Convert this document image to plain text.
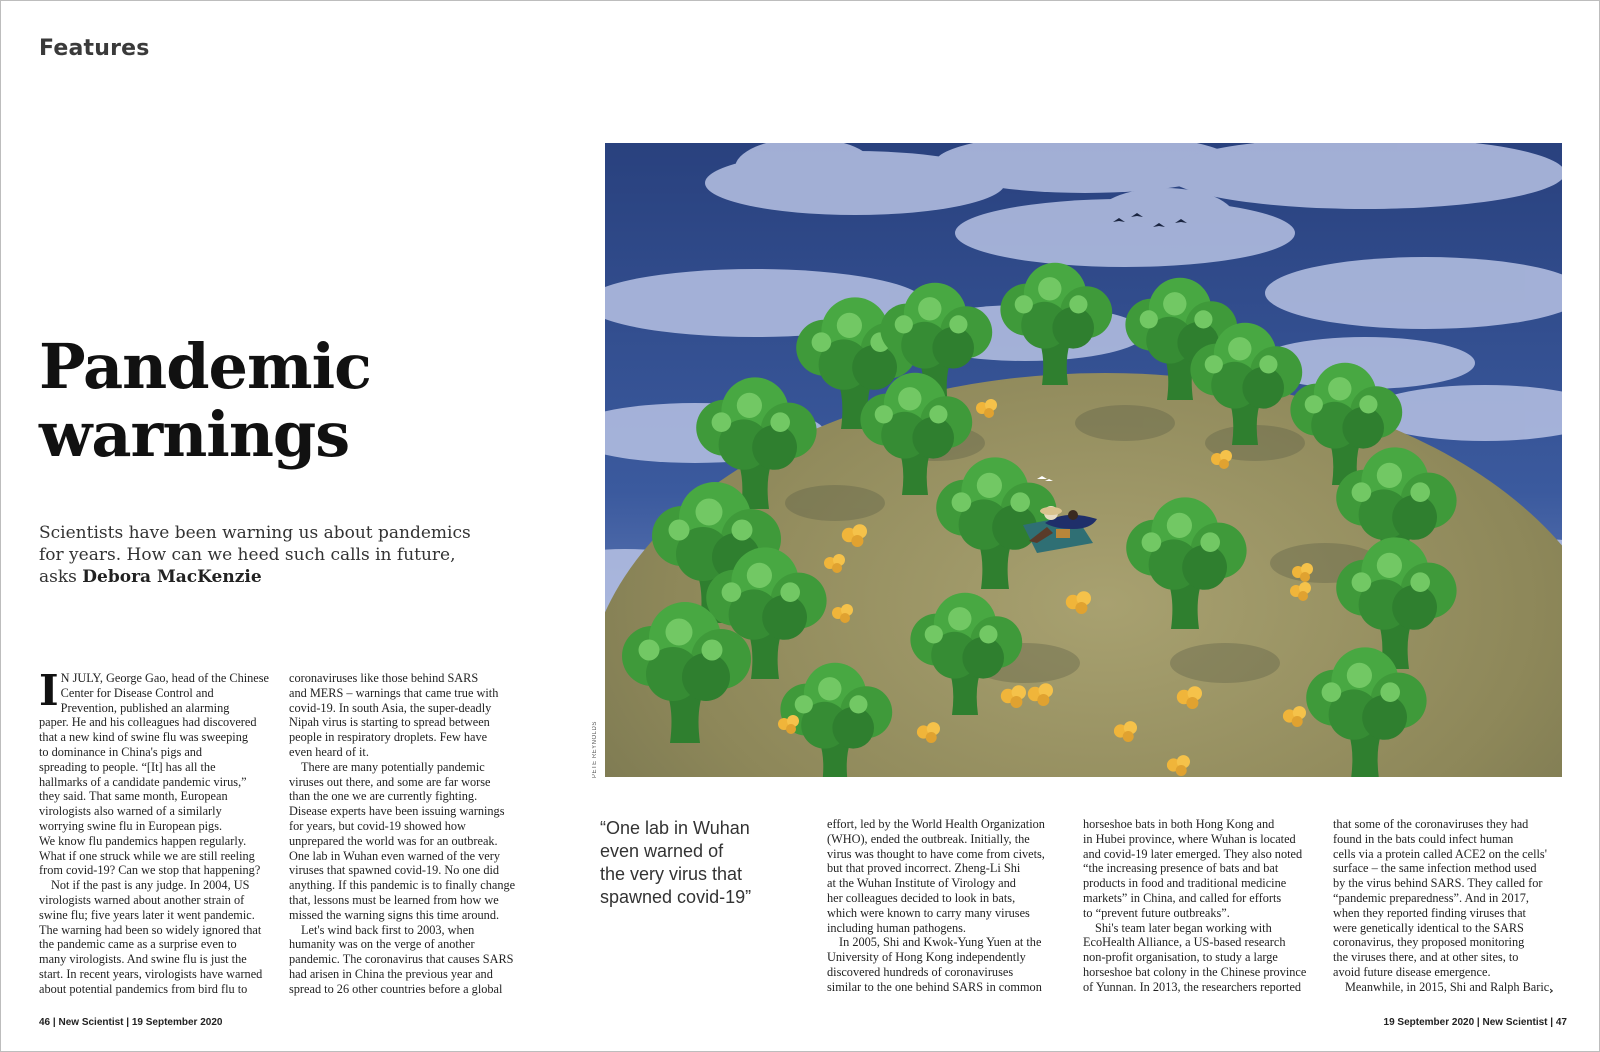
Features
Pandemic
warnings

Scientists have been warning us about pandemics
for years. How can we heed such calls in future,
asks Debora MacKenzie

I N JULY, George Gao, head of the Chinese
Center for Disease Control and
Prevention, published an alarming
paper. He and his colleagues had discovered
that a new kind of swine flu was sweeping
to dominance in China's pigs and
spreading to people. “[It] has all the
hallmarks of a candidate pandemic virus,”
they said. That same month, European
virologists also warned of a similarly
worrying swine flu in European pigs.
We know flu pandemics happen regularly.
What if one struck while we are still reeling
from covid-19? Can we stop that happening?
Not if the past is any judge. In 2004, US
virologists warned about another strain of
swine flu; five years later it went pandemic.
The warning had been so widely ignored that
the pandemic came as a surprise even to
many virologists. And swine flu is just the
start. In recent years, virologists have warned
about potential pandemics from bird flu to
coronaviruses like those behind SARS
and MERS – warnings that came true with
covid-19. In south Asia, the super-deadly
Nipah virus is starting to spread between
people in respiratory droplets. Few have
even heard of it.
There are many potentially pandemic
viruses out there, and some are far worse
than the one we are currently fighting.
Disease experts have been issuing warnings
for years, but covid-19 showed how
unprepared the world was for an outbreak.
One lab in Wuhan even warned of the very
viruses that spawned covid-19. No one did
anything. If this pandemic is to finally change
that, lessons must be learned from how we
missed the warning signs this time around.
Let's wind back first to 2003, when
humanity was on the verge of another
pandemic. The coronavirus that causes SARS
had arisen in China the previous year and
spread to 26 other countries before a global
PETE REYNOLDS
“One lab in Wuhan
even warned of
the very virus that
spawned covid-19”
effort, led by the World Health Organization
(WHO), ended the outbreak. Initially, the
virus was thought to have come from civets,
but that proved incorrect. Zheng-Li Shi
at the Wuhan Institute of Virology and
her colleagues decided to look in bats,
which were known to carry many viruses
including human pathogens.
In 2005, Shi and Kwok-Yung Yuen at the
University of Hong Kong independently
discovered hundreds of coronaviruses
similar to the one behind SARS in common
horseshoe bats in both Hong Kong and
in Hubei province, where Wuhan is located
and covid-19 later emerged. They also noted
“the increasing presence of bats and bat
products in food and traditional medicine
markets” in China, and called for efforts
to “prevent future outbreaks”.
Shi's team later began working with
EcoHealth Alliance, a US-based research
non-profit organisation, to study a large
horseshoe bat colony in the Chinese province
of Yunnan. In 2013, the researchers reported
that some of the coronaviruses they had
found in the bats could infect human
cells via a protein called ACE2 on the cells'
surface – the same infection method used
by the virus behind SARS. They called for
“pandemic preparedness”. And in 2017,
when they reported finding viruses that
were genetically identical to the SARS
coronavirus, they proposed monitoring
the viruses there, and at other sites, to
avoid future disease emergence.
Meanwhile, in 2015, Shi and Ralph Baric ›
46 | New Scientist | 19 September 2020	19 September 2020 | New Scientist | 47
